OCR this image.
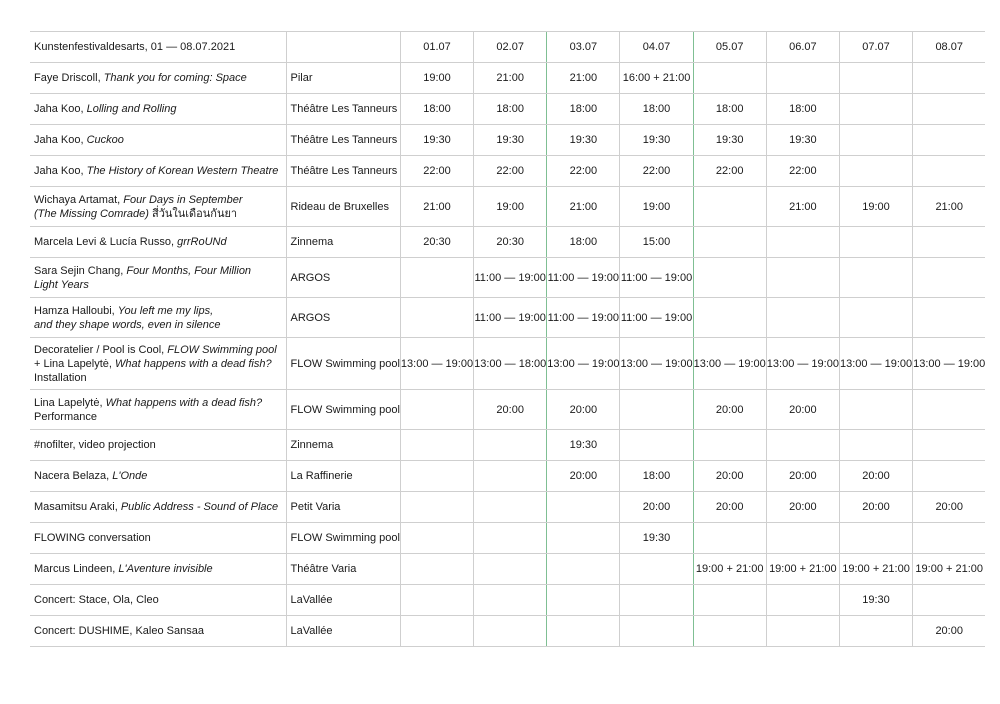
Kunstenfestivaldesarts, 01 — 08.07.2021		01.07	02.07	03.07	04.07	05.07	06.07	07.07	08.07

Faye Driscoll, Thank you for coming: Space	Pilar	19:00	21:00	21:00	16:00 + 21:00				

Jaha Koo, Lolling and Rolling	Théâtre Les Tanneurs	18:00	18:00	18:00	18:00	18:00	18:00		

Jaha Koo, Cuckoo	Théâtre Les Tanneurs	19:30	19:30	19:30	19:30	19:30	19:30		

Jaha Koo, The History of Korean Western Theatre	Théâtre Les Tanneurs	22:00	22:00	22:00	22:00	22:00	22:00		

Wichaya Artamat, Four Days in September
(The Missing Comrade) สี่วันในเดือนกันยา	Rideau de Bruxelles	21:00	19:00	21:00	19:00		21:00	19:00	21:00

Marcela Levi & Lucía Russo, grrRoUNd	Zinnema	20:30	20:30	18:00	15:00				

Sara Sejin Chang, Four Months, Four Million
Light Years	ARGOS		11:00 — 19:00	11:00 — 19:00	11:00 — 19:00				

Hamza Halloubi, You left me my lips,
and they shape words, even in silence	ARGOS		11:00 — 19:00	11:00 — 19:00	11:00 — 19:00				

Decoratelier / Pool is Cool, FLOW Swimming pool
+ Lina Lapelytė, What happens with a dead fish?
Installation	FLOW Swimming pool	13:00 — 19:00	13:00 — 18:00	13:00 — 19:00	13:00 — 19:00	13:00 — 19:00	13:00 — 19:00	13:00 — 19:00	13:00 — 19:00

Lina Lapelytė, What happens with a dead fish?
Performance	FLOW Swimming pool		20:00	20:00		20:00	20:00		

#nofilter, video projection	Zinnema			19:30					

Nacera Belaza, L'Onde	La Raffinerie			20:00	18:00	20:00	20:00	20:00	

Masamitsu Araki, Public Address - Sound of Place	Petit Varia				20:00	20:00	20:00	20:00	20:00

FLOWING conversation	FLOW Swimming pool				19:30				

Marcus Lindeen, L'Aventure invisible	Théâtre Varia					19:00 + 21:00	19:00 + 21:00	19:00 + 21:00	19:00 + 21:00

Concert: Stace, Ola, Cleo	LaVallée							19:30	

Concert: DUSHIME, Kaleo Sansaa	LaVallée								20:00
